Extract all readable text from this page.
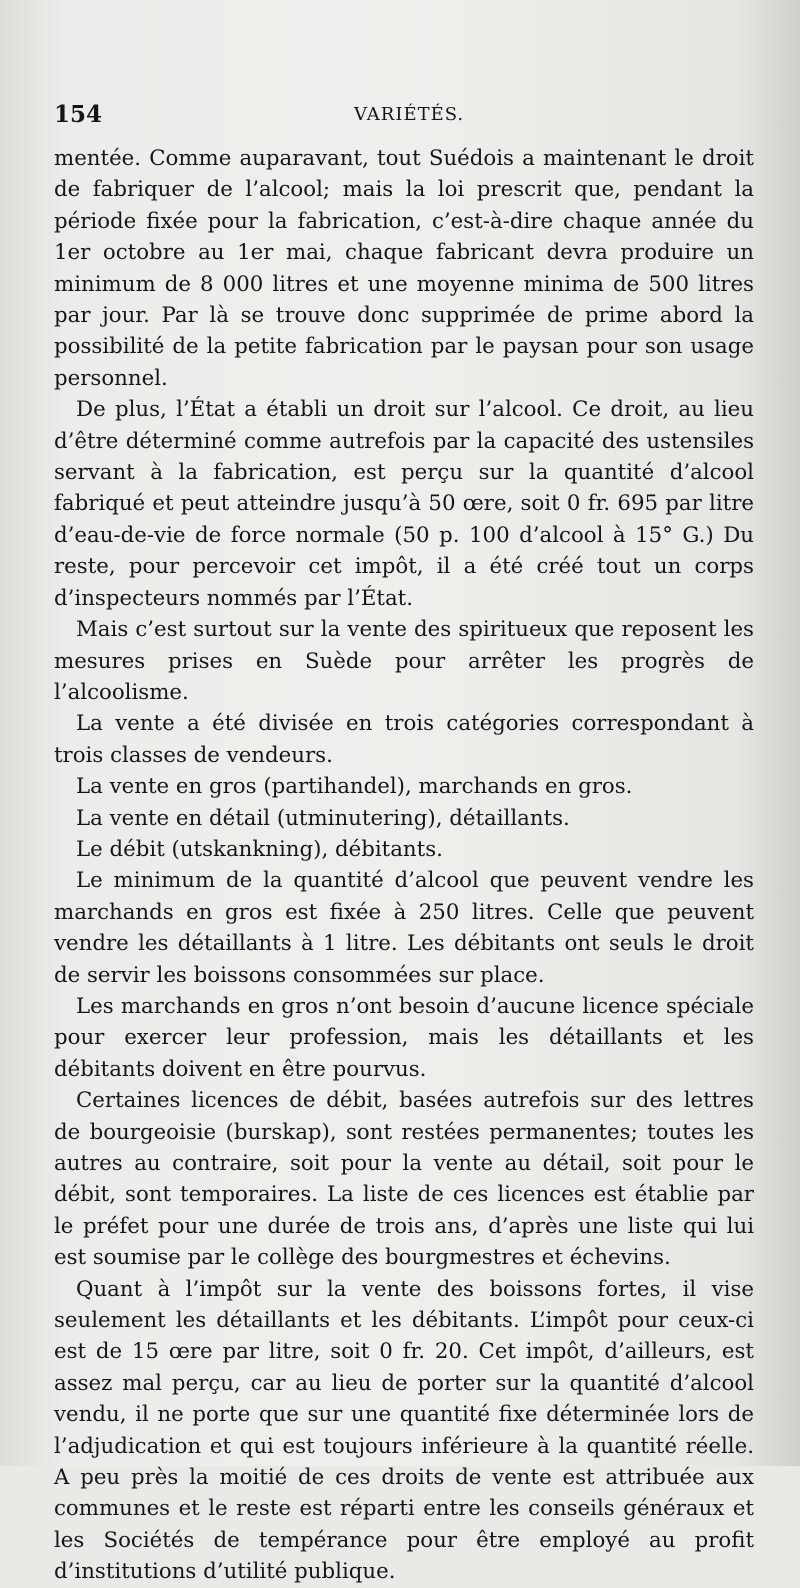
154	VARIÉTÉS.

mentée. Comme auparavant, tout Suédois a maintenant le droit de fabriquer de l’alcool; mais la loi prescrit que, pendant la période fixée pour la fabrication, c’est-à-dire chaque année du 1er octobre au 1er mai, chaque fabricant devra produire un minimum de 8 000 litres et une moyenne minima de 500 litres par jour. Par là se trouve donc supprimée de prime abord la possibilité de la petite fabrication par le paysan pour son usage personnel.

De plus, l’État a établi un droit sur l’alcool. Ce droit, au lieu d’être déterminé comme autrefois par la capacité des ustensiles servant à la fabrication, est perçu sur la quantité d’alcool fabriqué et peut atteindre jusqu’à 50 œre, soit 0 fr. 695 par litre d’eau-de-vie de force normale (50 p. 100 d’alcool à 15° G.) Du reste, pour percevoir cet impôt, il a été créé tout un corps d’inspecteurs nommés par l’État.

Mais c’est surtout sur la vente des spiritueux que reposent les mesures prises en Suède pour arrêter les progrès de l’alcoolisme.

La vente a été divisée en trois catégories correspondant à trois classes de vendeurs.

La vente en gros (partihandel), marchands en gros.

La vente en détail (utminutering), détaillants.

Le débit (utskankning), débitants.

Le minimum de la quantité d’alcool que peuvent vendre les marchands en gros est fixée à 250 litres. Celle que peuvent vendre les détaillants à 1 litre. Les débitants ont seuls le droit de servir les boissons consommées sur place.

Les marchands en gros n’ont besoin d’aucune licence spéciale pour exercer leur profession, mais les détaillants et les débitants doivent en être pourvus.

Certaines licences de débit, basées autrefois sur des lettres de bourgeoisie (burskap), sont restées permanentes; toutes les autres au contraire, soit pour la vente au détail, soit pour le débit, sont temporaires. La liste de ces licences est établie par le préfet pour une durée de trois ans, d’après une liste qui lui est soumise par le collège des bourgmestres et échevins.

Quant à l’impôt sur la vente des boissons fortes, il vise seulement les détaillants et les débitants. L’impôt pour ceux-ci est de 15 œre par litre, soit 0 fr. 20. Cet impôt, d’ailleurs, est assez mal perçu, car au lieu de porter sur la quantité d’alcool vendu, il ne porte que sur une quantité fixe déterminée lors de l’adjudication et qui est toujours inférieure à la quantité réelle. A peu près la moitié de ces droits de vente est attribuée aux communes et le reste est réparti entre les conseils généraux et les Sociétés de tempérance pour être employé au profit d’institutions d’utilité publique.
